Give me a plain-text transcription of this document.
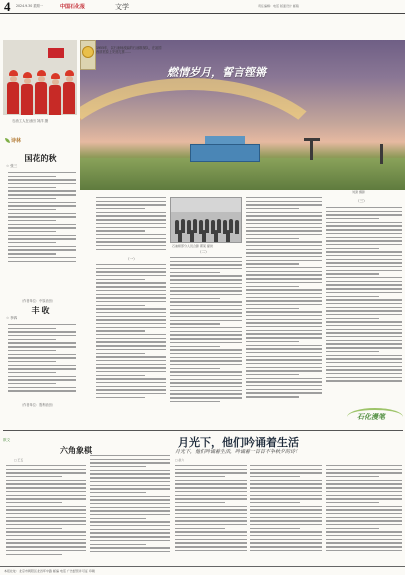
4 2024.9.30 星期一	中国石化报	文学	责任编辑：电话 版面设计 邮箱
石油工人在油田 刘洋 摄
诗林
国花的秋
☆ 张三
（作者单位：中原油田）
丰 收
☆ 李四
（作者单位：胜利油田）
1955年，以石油师改编的石油勘探队，在祖国西部荒原上安营扎寨……
燃情岁月，誓言铿锵
刘潇 摄影
（一）
石油师部分人员合影 郭某 提供
（二）
（三）
石化漫笔
散文
六角象棋
月光下，他们吟诵着生活
月光下，他们吟诵着生活，吟诵着一首首不争秋夕的诗！
□ 王五	□ 赵六
本报社址：北京市朝阳区北四环中路 邮编 电话 广告经营许可证 印刷
